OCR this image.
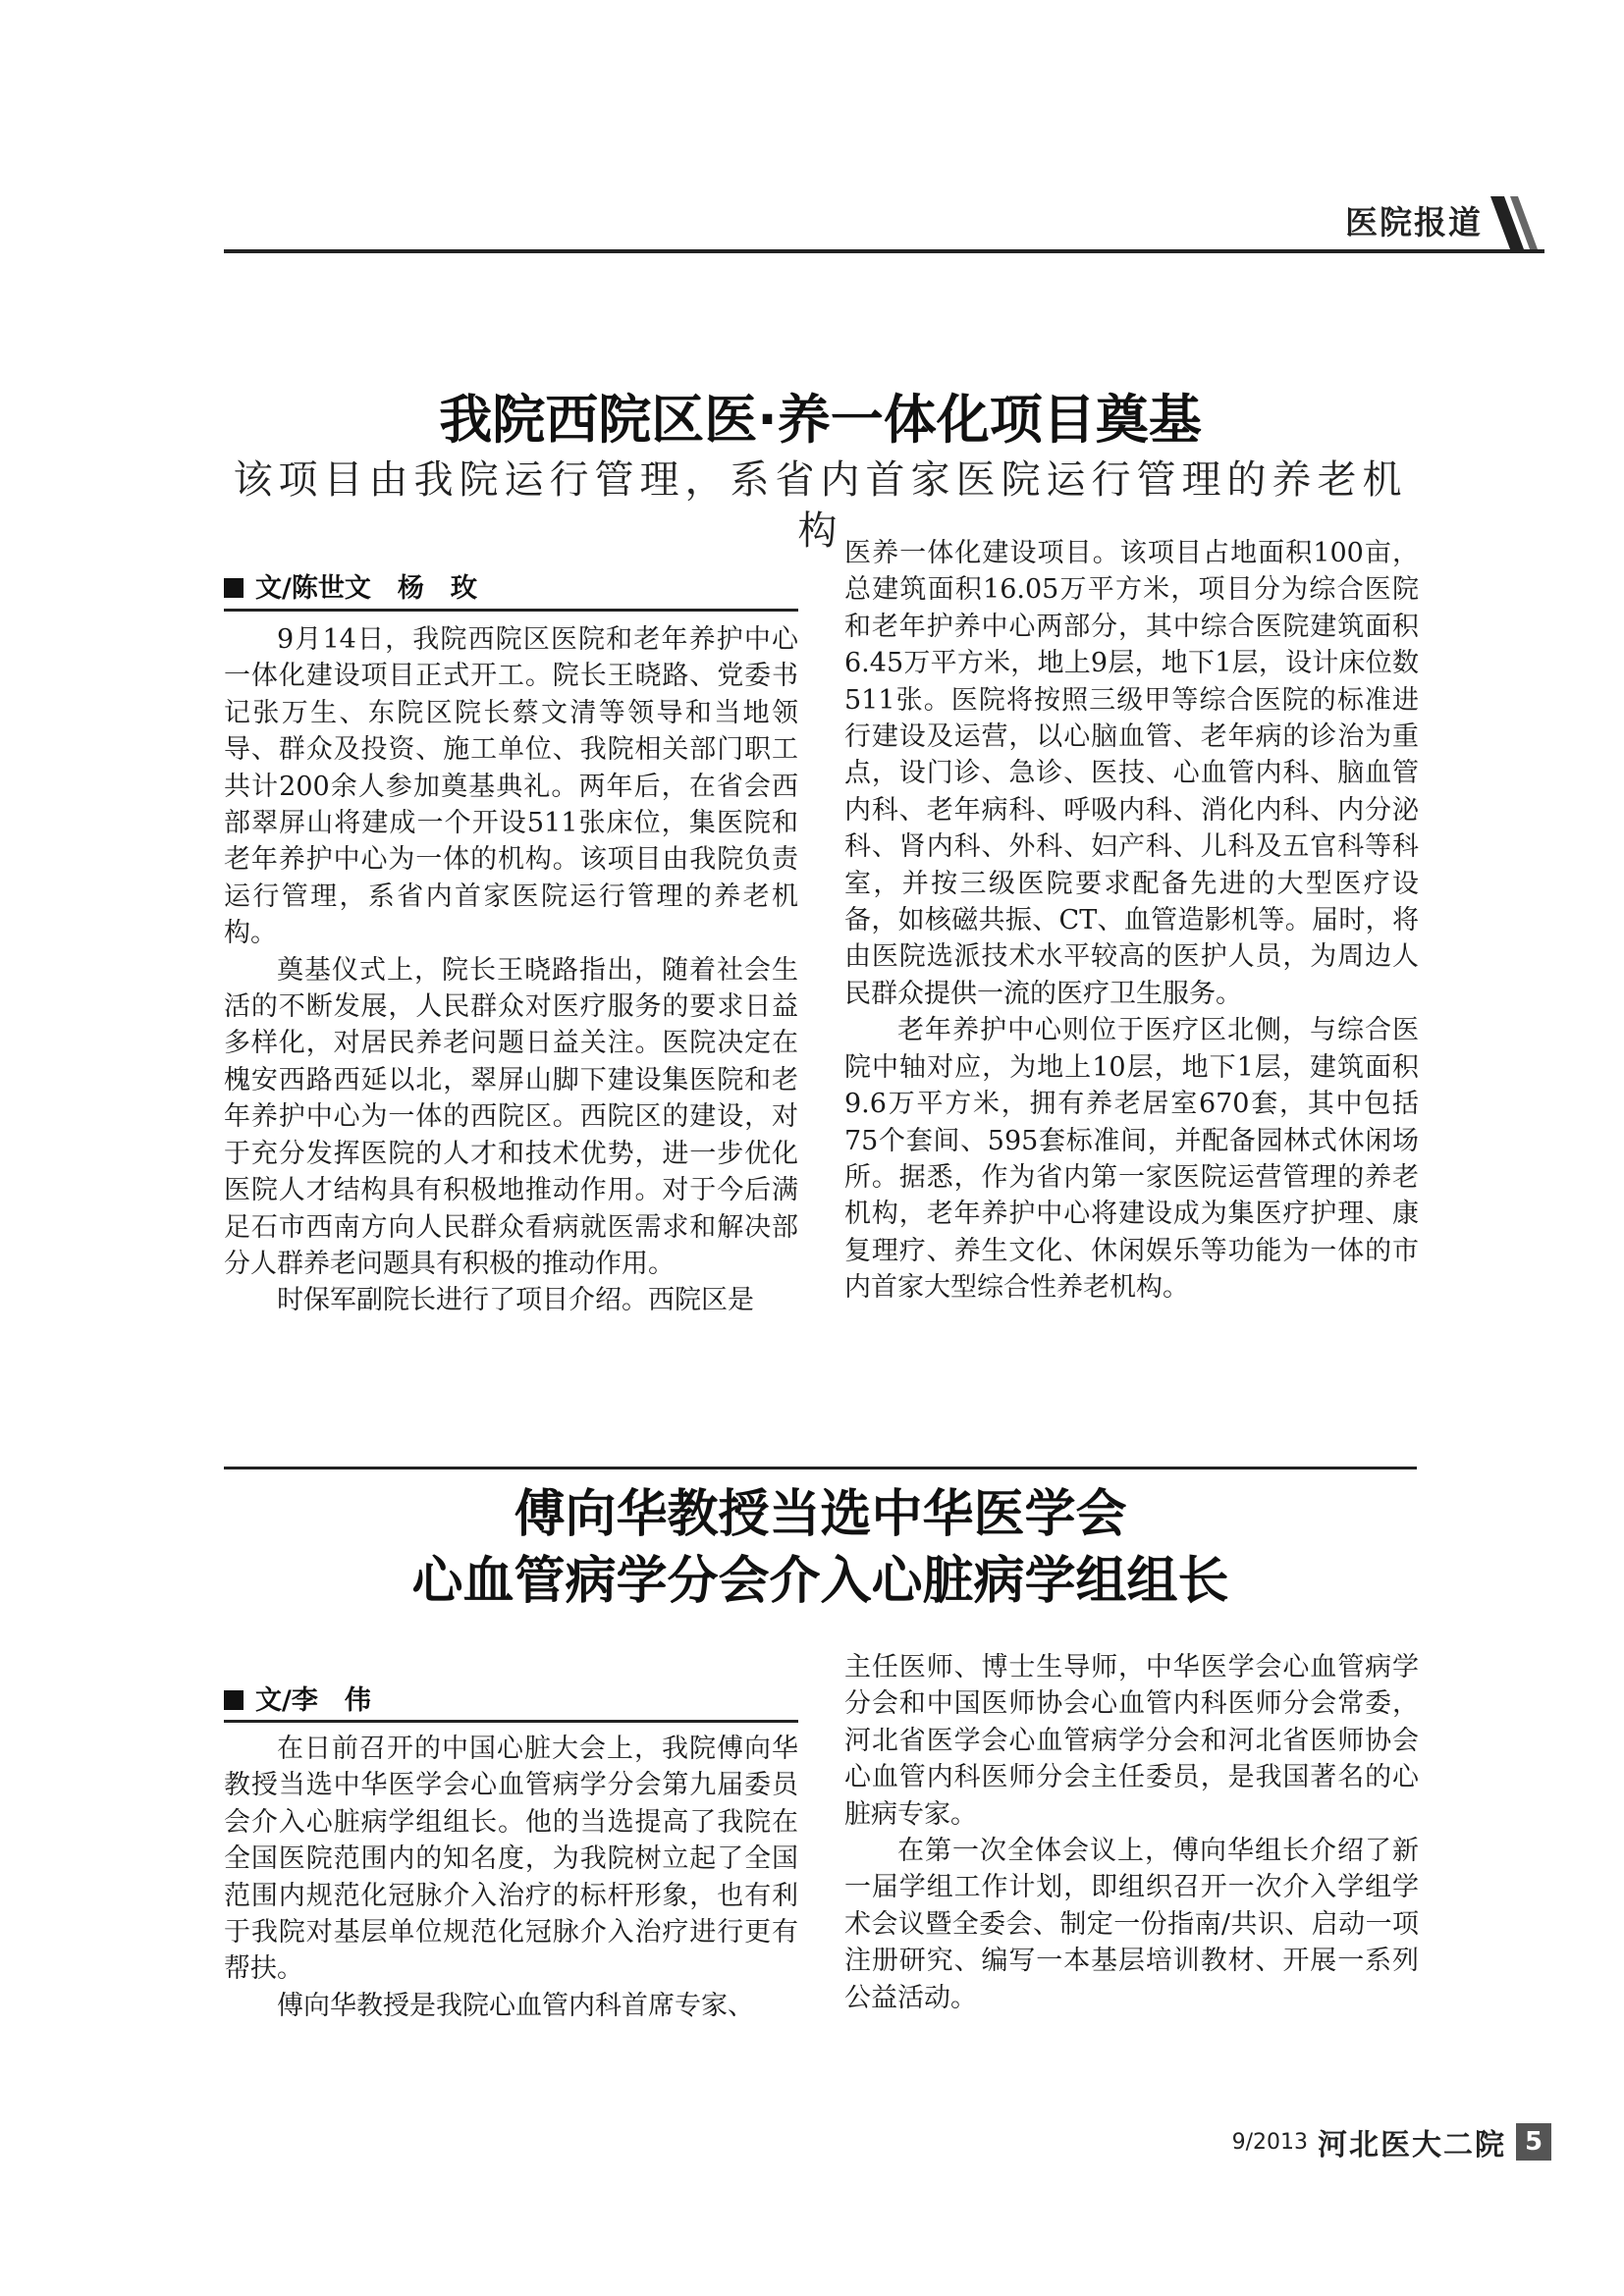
医院报道
我院西院区医·养一体化项目奠基
该项目由我院运行管理，系省内首家医院运行管理的养老机构
文/陈世文　杨　玫

9月14日，我院西院区医院和老年养护中心一体化建设项目正式开工。院长王晓路、党委书记张万生、东院区院长蔡文清等领导和当地领导、群众及投资、施工单位、我院相关部门职工共计200余人参加奠基典礼。两年后，在省会西部翠屏山将建成一个开设511张床位，集医院和老年养护中心为一体的机构。该项目由我院负责运行管理，系省内首家医院运行管理的养老机构。

奠基仪式上，院长王晓路指出，随着社会生活的不断发展，人民群众对医疗服务的要求日益多样化，对居民养老问题日益关注。医院决定在槐安西路西延以北，翠屏山脚下建设集医院和老年养护中心为一体的西院区。西院区的建设，对于充分发挥医院的人才和技术优势，进一步优化医院人才结构具有积极地推动作用。对于今后满足石市西南方向人民群众看病就医需求和解决部分人群养老问题具有积极的推动作用。

时保军副院长进行了项目介绍。西院区是

医养一体化建设项目。该项目占地面积100亩，总建筑面积16.05万平方米，项目分为综合医院和老年护养中心两部分，其中综合医院建筑面积6.45万平方米，地上9层，地下1层，设计床位数511张。医院将按照三级甲等综合医院的标准进行建设及运营，以心脑血管、老年病的诊治为重点，设门诊、急诊、医技、心血管内科、脑血管内科、老年病科、呼吸内科、消化内科、内分泌科、肾内科、外科、妇产科、儿科及五官科等科室，并按三级医院要求配备先进的大型医疗设备，如核磁共振、CT、血管造影机等。届时，将由医院选派技术水平较高的医护人员，为周边人民群众提供一流的医疗卫生服务。

老年养护中心则位于医疗区北侧，与综合医院中轴对应，为地上10层，地下1层，建筑面积9.6万平方米，拥有养老居室670套，其中包括75个套间、595套标准间，并配备园林式休闲场所。据悉，作为省内第一家医院运营管理的养老机构，老年养护中心将建设成为集医疗护理、康复理疗、养生文化、休闲娱乐等功能为一体的市内首家大型综合性养老机构。

傅向华教授当选中华医学会
心血管病学分会介入心脏病学组组长
文/李　伟

在日前召开的中国心脏大会上，我院傅向华教授当选中华医学会心血管病学分会第九届委员会介入心脏病学组组长。他的当选提高了我院在全国医院范围内的知名度，为我院树立起了全国范围内规范化冠脉介入治疗的标杆形象，也有利于我院对基层单位规范化冠脉介入治疗进行更有帮扶。

傅向华教授是我院心血管内科首席专家、

主任医师、博士生导师，中华医学会心血管病学分会和中国医师协会心血管内科医师分会常委，河北省医学会心血管病学分会和河北省医师协会心血管内科医师分会主任委员，是我国著名的心脏病专家。

在第一次全体会议上，傅向华组长介绍了新一届学组工作计划，即组织召开一次介入学组学术会议暨全委会、制定一份指南/共识、启动一项注册研究、编写一本基层培训教材、开展一系列公益活动。

9/2013 河北医大二院 5
